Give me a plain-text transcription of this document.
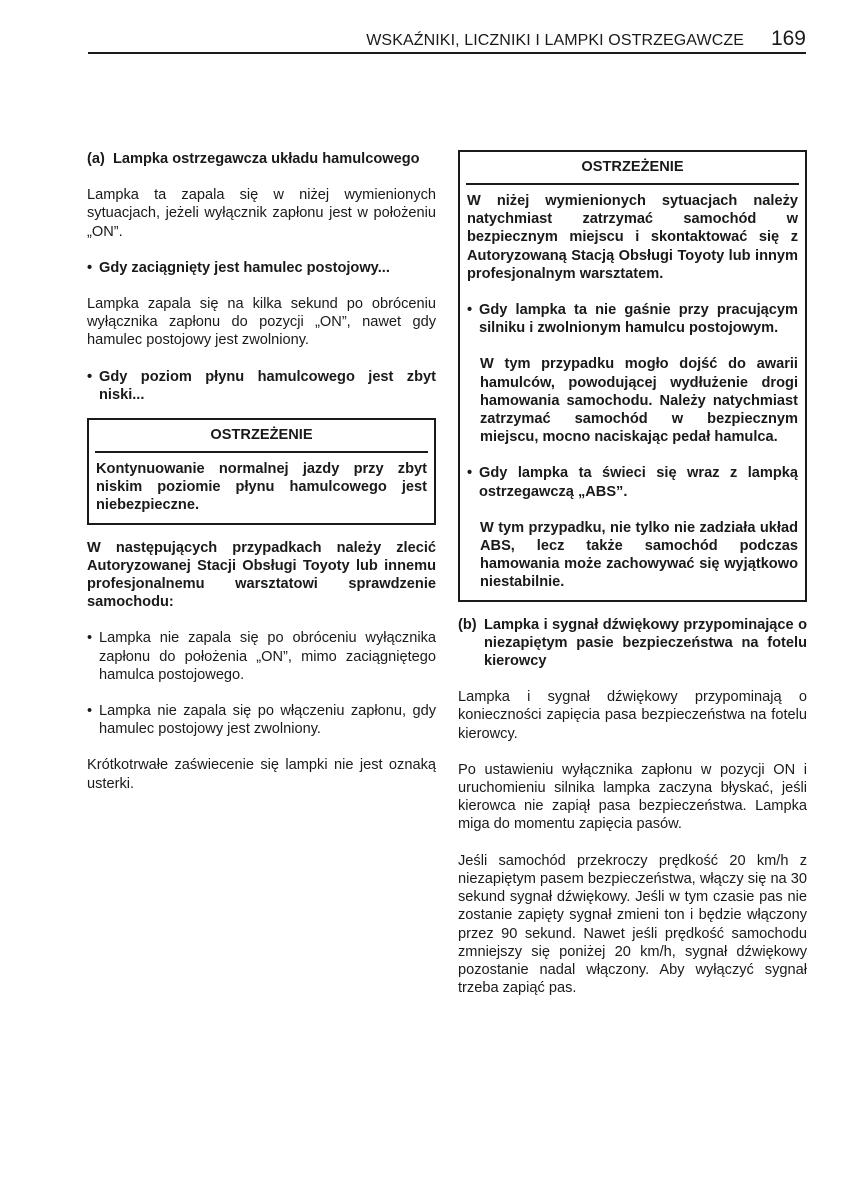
WSKAŹNIKI, LICZNIKI I LAMPKI OSTRZEGAWCZE 169
(a) Lampka ostrzegawcza układu hamulcowego

Lampka ta zapala się w niżej wymienionych sytuacjach, jeżeli wyłącznik zapłonu jest w położeniu „ON”.

• Gdy zaciągnięty jest hamulec postojowy...

Lampka zapala się na kilka sekund po obróceniu wyłącznika zapłonu do pozycji „ON”, nawet gdy hamulec postojowy jest zwolniony.

• Gdy poziom płynu hamulcowego jest zbyt niski...
OSTRZEŻENIE

Kontynuowanie normalnej jazdy przy zbyt niskim poziomie płynu hamulcowego jest niebezpieczne.

W następujących przypadkach należy zlecić Autoryzowanej Stacji Obsługi Toyoty lub innemu profesjonalnemu warsztatowi sprawdzenie samochodu:

• Lampka nie zapala się po obróceniu wyłącznika zapłonu do położenia „ON”, mimo zaciągniętego hamulca postojowego.
• Lampka nie zapala się po włączeniu zapłonu, gdy hamulec postojowy jest zwolniony.

Krótkotrwałe zaświecenie się lampki nie jest oznaką usterki.

OSTRZEŻENIE

W niżej wymienionych sytuacjach należy natychmiast zatrzymać samochód w bezpiecznym miejscu i skontaktować się z Autoryzowaną Stacją Obsługi Toyoty lub innym profesjonalnym warsztatem.

• Gdy lampka ta nie gaśnie przy pracującym silniku i zwolnionym hamulcu postojowym.

W tym przypadku mogło dojść do awarii hamulców, powodującej wydłużenie drogi hamowania samochodu. Należy natychmiast zatrzymać samochód w bezpiecznym miejscu, mocno naciskając pedał hamulca.

• Gdy lampka ta świeci się wraz z lampką ostrzegawczą „ABS”.

W tym przypadku, nie tylko nie zadziała układ ABS, lecz także samochód podczas hamowania może zachowywać się wyjątkowo niestabilnie.

(b) Lampka i sygnał dźwiękowy przypominające o niezapiętym pasie bezpieczeństwa na fotelu kierowcy

Lampka i sygnał dźwiękowy przypominają o konieczności zapięcia pasa bezpieczeństwa na fotelu kierowcy.

Po ustawieniu wyłącznika zapłonu w pozycji ON i uruchomieniu silnika lampka zaczyna błyskać, jeśli kierowca nie zapiął pasa bezpieczeństwa. Lampka miga do momentu zapięcia pasów.

Jeśli samochód przekroczy prędkość 20 km/h z niezapiętym pasem bezpieczeństwa, włączy się na 30 sekund sygnał dźwiękowy. Jeśli w tym czasie pas nie zostanie zapięty sygnał zmieni ton i będzie włączony przez 90 sekund. Nawet jeśli prędkość samochodu zmniejszy się poniżej 20 km/h, sygnał dźwiękowy pozostanie nadal włączony. Aby wyłączyć sygnał trzeba zapiąć pas.
